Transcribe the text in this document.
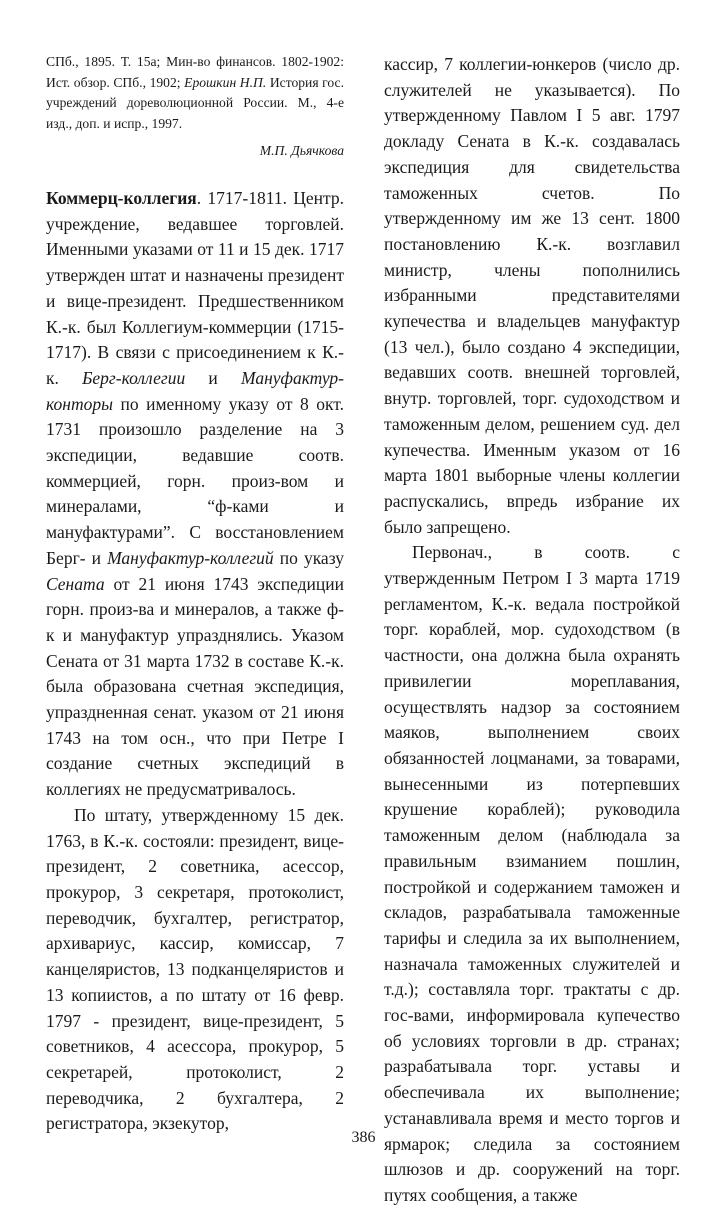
СПб., 1895. Т. 15а; Мин-во финансов. 1802-1902: Ист. обзор. СПб., 1902; Ерошкин Н.П. История гос. учреждений дореволюционной России. М., 4-е изд., доп. и испр., 1997.

М.П. Дьячкова

Коммерц-коллегия. 1717-1811. Центр. учреждение, ведавшее торговлей. Именными указами от 11 и 15 дек. 1717 утвержден штат и назначены президент и вице-президент. Предшественником К.-к. был Коллегиум-коммерции (1715-1717). В связи с присоединением к К.-к. Берг-коллегии и Мануфактур-конторы по именному указу от 8 окт. 1731 произошло разделение на 3 экспедиции, ведавшие соотв. коммерцией, горн. произ-вом и минералами, “ф-ками и мануфактурами”. С восстановлением Берг- и Мануфактур-коллегий по указу Сената от 21 июня 1743 экспедиции горн. произ-ва и минералов, а также ф-к и мануфактур упразднялись. Указом Сената от 31 марта 1732 в составе К.-к. была образована счетная экспедиция, упраздненная сенат. указом от 21 июня 1743 на том осн., что при Петре I создание счетных экспедиций в коллегиях не предусматривалось.

По штату, утвержденному 15 дек. 1763, в К.-к. состояли: президент, вице-президент, 2 советника, асессор, прокурор, 3 секретаря, протоколист, переводчик, бухгалтер, регистратор, архивариус, кассир, комиссар, 7 канцеляристов, 13 подканцеляристов и 13 копиистов, а по штату от 16 февр. 1797 - президент, вице-президент, 5 советников, 4 асессора, прокурор, 5 секретарей, протоколист, 2 переводчика, 2 бухгалтера, 2 регистратора, экзекутор,

кассир, 7 коллегии-юнкеров (число др. служителей не указывается). По утвержденному Павлом I 5 авг. 1797 докладу Сената в К.-к. создавалась экспедиция для свидетельства таможенных счетов. По утвержденному им же 13 сент. 1800 постановлению К.-к. возглавил министр, члены пополнились избранными представителями купечества и владельцев мануфактур (13 чел.), было создано 4 экспедиции, ведавших соотв. внешней торговлей, внутр. торговлей, торг. судоходством и таможенным делом, решением суд. дел купечества. Именным указом от 16 марта 1801 выборные члены коллегии распускались, впредь избрание их было запрещено.

Первонач., в соотв. с утвержденным Петром I 3 марта 1719 регламентом, К.-к. ведала постройкой торг. кораблей, мор. судоходством (в частности, она должна была охранять привилегии мореплавания, осуществлять надзор за состоянием маяков, выполнением своих обязанностей лоцманами, за товарами, вынесенными из потерпевших крушение кораблей); руководила таможенным делом (наблюдала за правильным взиманием пошлин, постройкой и содержанием таможен и складов, разрабатывала таможенные тарифы и следила за их выполнением, назначала таможенных служителей и т.д.); составляла торг. трактаты с др. гос-вами, информировала купечество об условиях торговли в др. странах; разрабатывала торг. уставы и обеспечивала их выполнение; устанавливала время и место торгов и ярмарок; следила за состоянием шлюзов и др. сооружений на торг. путях сообщения, а также

386
